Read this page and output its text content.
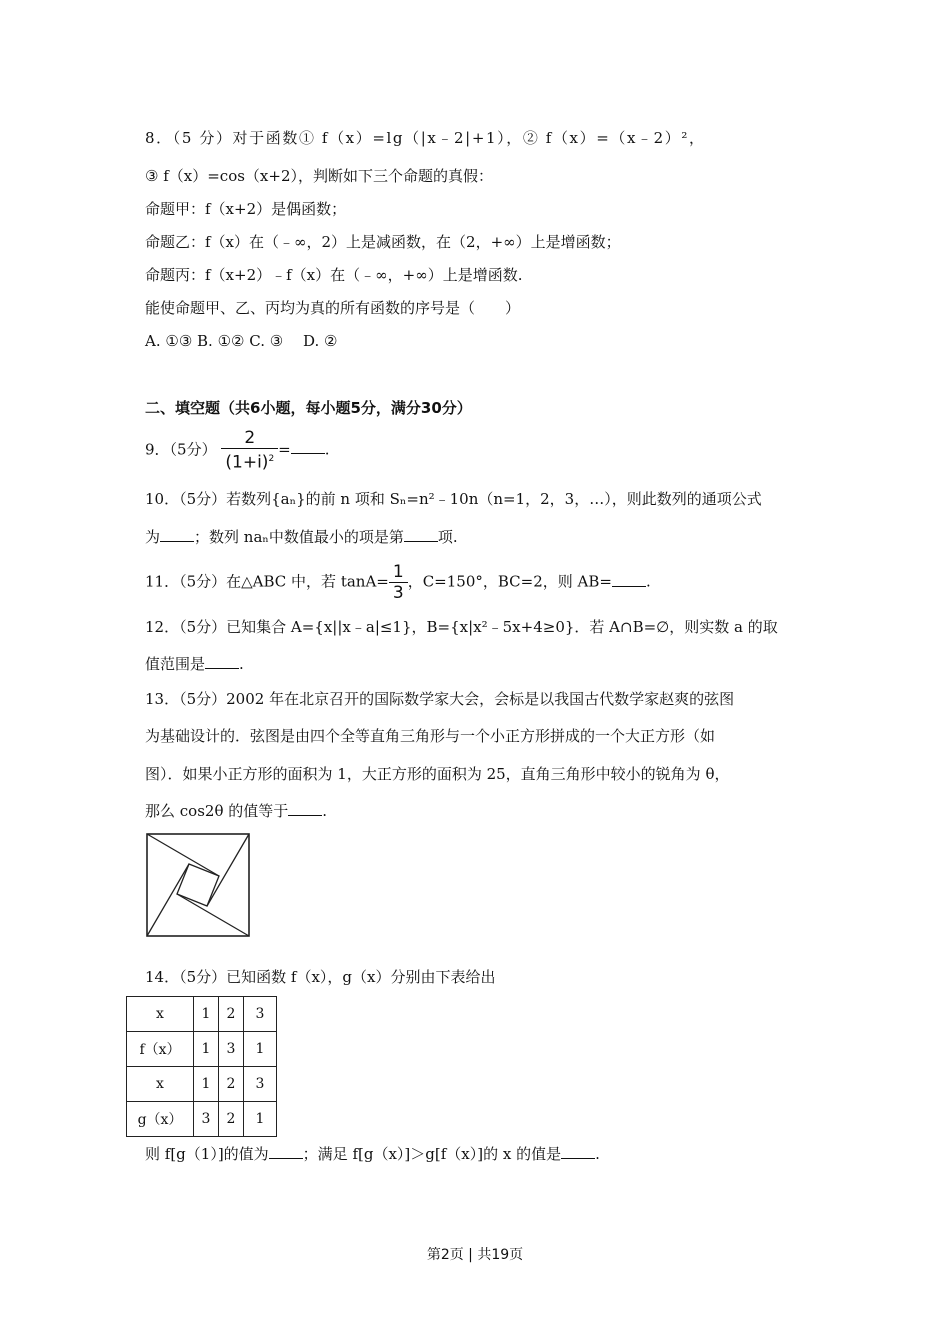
8．（5 分）对于函数① f（x）=lg（|x﹣2|+1），② f（x）=（x﹣2）²，
③ f（x）=cos（x+2），判断如下三个命题的真假：
命题甲：f（x+2）是偶函数；
命题乙：f（x）在（﹣∞，2）上是减函数，在（2，+∞）上是增函数；
命题丙：f（x+2）﹣f（x）在（﹣∞，+∞）上是增函数.
能使命题甲、乙、丙均为真的所有函数的序号是（　　）
A. ①③ B. ①② C. ③　 D. ②
二、填空题（共6小题，每小题5分，满分30分）
9．（5分） $\frac{2}{(1+i)^2}$ = .
10．（5分）若数列{aₙ}的前 n 项和 Sₙ=n²﹣10n（n=1，2，3，…），则此数列的通项公式
为 ；数列 naₙ中数值最小的项是第 项.
11．（5分）在△ABC 中，若 $\tan A= \frac{1}{3}$ ，C=150°，BC=2，则 AB= .
12．（5分）已知集合 A={x||x﹣a|≤1}，B={x|x²﹣5x+4≥0}．若 A∩B=∅，则实数 a 的取
值范围是 .
13．（5分）2002 年在北京召开的国际数学家大会，会标是以我国古代数学家赵爽的弦图
为基础设计的．弦图是由四个全等直角三角形与一个小正方形拼成的一个大正方形（如
图）．如果小正方形的面积为 1，大正方形的面积为 25，直角三角形中较小的锐角为 θ，
那么 cos2θ 的值等于 .
14．（5分）已知函数 f（x），g（x）分别由下表给出
x	1	2	3
f（x）	1	3	1
x	1	2	3
g（x）	3	2	1
则 f[g（1）]的值为 ；满足 f[g（x）]＞g[f（x）]的 x 的值是 .
第2页 | 共19页
